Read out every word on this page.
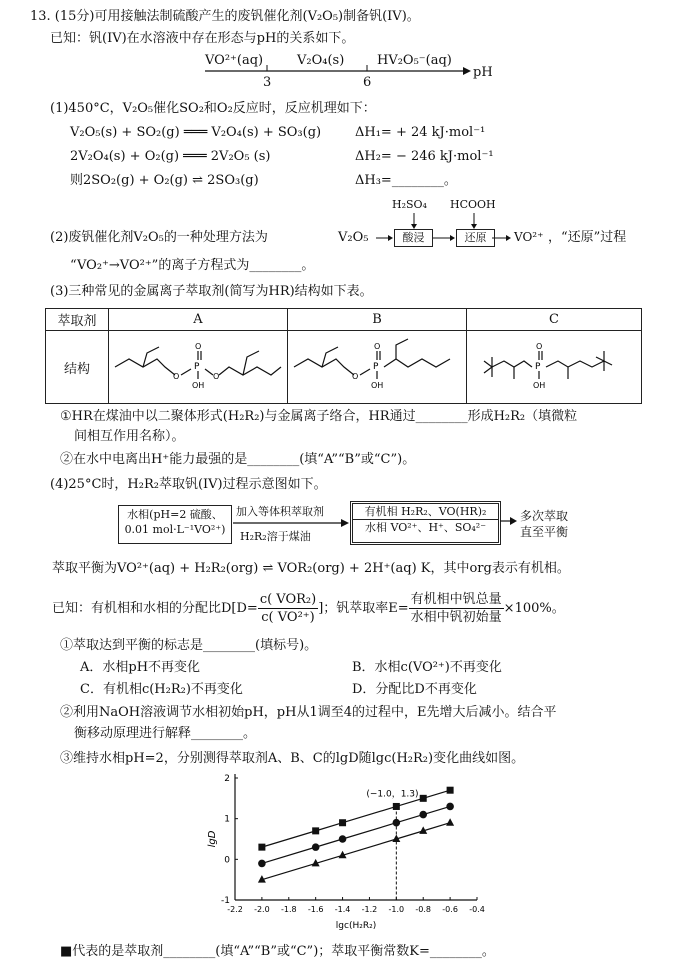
13. (15分)可用接触法制硫酸产生的废钒催化剂(V₂O₅)制备钒(IV)。
已知：钒(IV)在水溶液中存在形态与pH的关系如下。
VO²⁺(aq)	V₂O₄(s)	HV₂O₅⁻(aq)
3	6
pH
(1)450°C，V₂O₅催化SO₂和O₂反应时，反应机理如下：
V₂O₅(s) + SO₂(g) ═══ V₂O₄(s) + SO₃(g)	ΔH₁= + 24 kJ·mol⁻¹
2V₂O₄(s) + O₂(g) ═══ 2V₂O₅ (s)	ΔH₂= − 246 kJ·mol⁻¹
则2SO₂(g) + O₂(g) ⇌ 2SO₃(g)	ΔH₃=________。
(2)废钒催化剂V₂O₅的一种处理方法为	V₂O₅
H₂SO₄ HCOOH
酸浸	还原	VO²⁺ ，“还原”过程
“VO₂⁺→VO²⁺”的离子方程式为________。
(3)三种常见的金属离子萃取剂(简写为HR)结构如下表。
萃取剂	A	B	C
结构	O
P
O
O
OH	O
P
O
OH	P
O
OH
①HR在煤油中以二聚体形式(H₂R₂)与金属离子络合，HR通过________形成H₂R₂（填微粒
间相互作用名称）。
②在水中电离出H⁺能力最强的是________(填“A”“B”或“C”)。
(4)25°C时，H₂R₂萃取钒(IV)过程示意图如下。
水相(pH=2 硫酸、
0.01 mol·L⁻¹VO²⁺)
加入等体积萃取剂
H₂R₂溶于煤油
有机相 H₂R₂、VO(HR)₂
水相 VO²⁺、H⁺、SO₄²⁻
多次萃取
直至平衡
萃取平衡为VO²⁺(aq) + H₂R₂(org) ⇌ VOR₂(org) + 2H⁺(aq) K，其中org表示有机相。
已知：有机相和水相的分配比$D[D= \frac{\text{c( VOR₂)}}{\text{c( VO²⁺)}}$ ]；钒萃取率$E= \frac{\text{有机相中钒总量}}{\text{水相中钒初始量}} \times 100\%$。
①萃取达到平衡的标志是________(填标号)。
A．水相pH不再变化	B．水相c(VO²⁺)不再变化
C．有机相c(H₂R₂)不再变化	D．分配比D不再变化
②利用NaOH溶液调节水相初始pH，pH从1调至4的过程中，E先增大后减小。结合平
衡移动原理进行解释________。
③维持水相pH=2，分别测得萃取剂A、B、C的lgD随lgc(H₂R₂)变化曲线如图。
-2.2 -2.0 -1.8 -1.6 -1.4 -1.2 -1.0 -0.8 -0.6 -0.4
-1
0
1
2
lgc(H₂R₂)
lgD
(−1.0，1.3)
■代表的是萃取剂________(填“A”“B”或“C”)；萃取平衡常数K=________。
